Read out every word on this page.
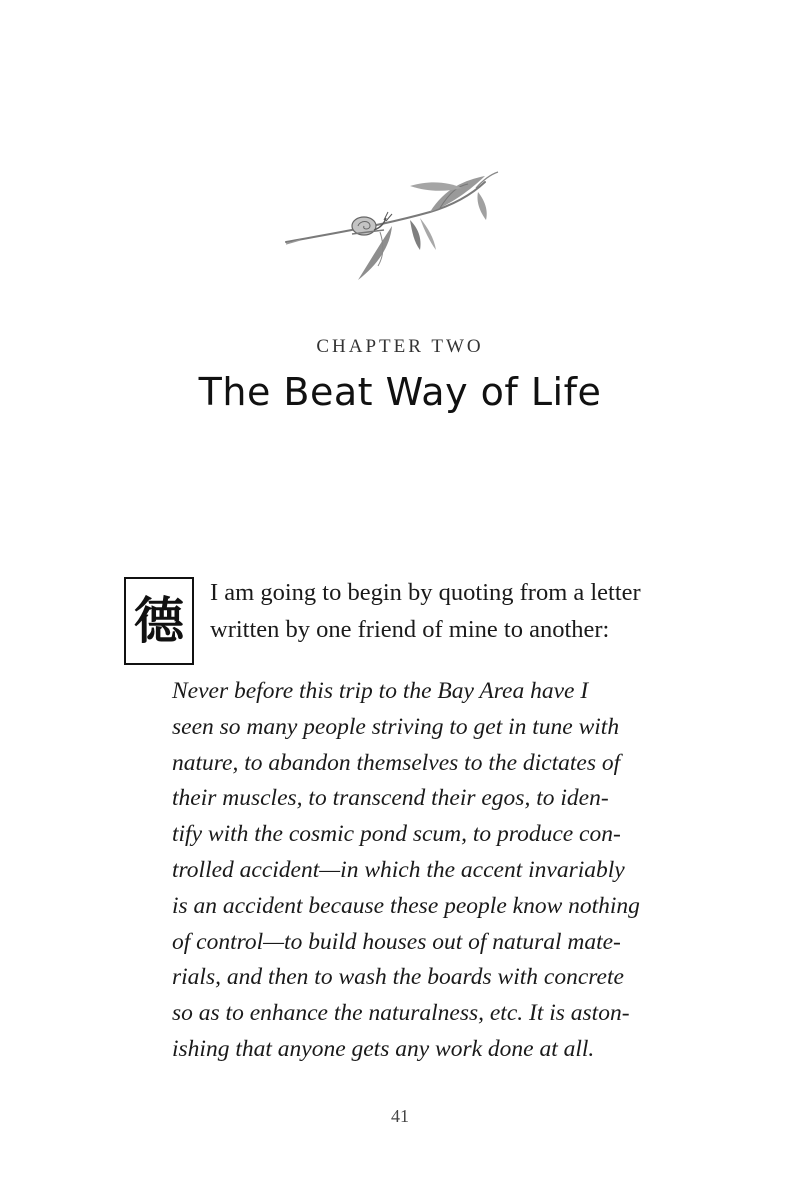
CHAPTER TWO
The Beat Way of Life
德 I am going to begin by quoting from a letter
written by one friend of mine to another:
Never before this trip to the Bay Area have I
seen so many people striving to get in tune with
nature, to abandon themselves to the dictates of
their muscles, to transcend their egos, to iden-
tify with the cosmic pond scum, to produce con-
trolled accident—in which the accent invariably
is an accident because these people know nothing
of control—to build houses out of natural mate-
rials, and then to wash the boards with concrete
so as to enhance the naturalness, etc. It is aston-
ishing that anyone gets any work done at all.
41
